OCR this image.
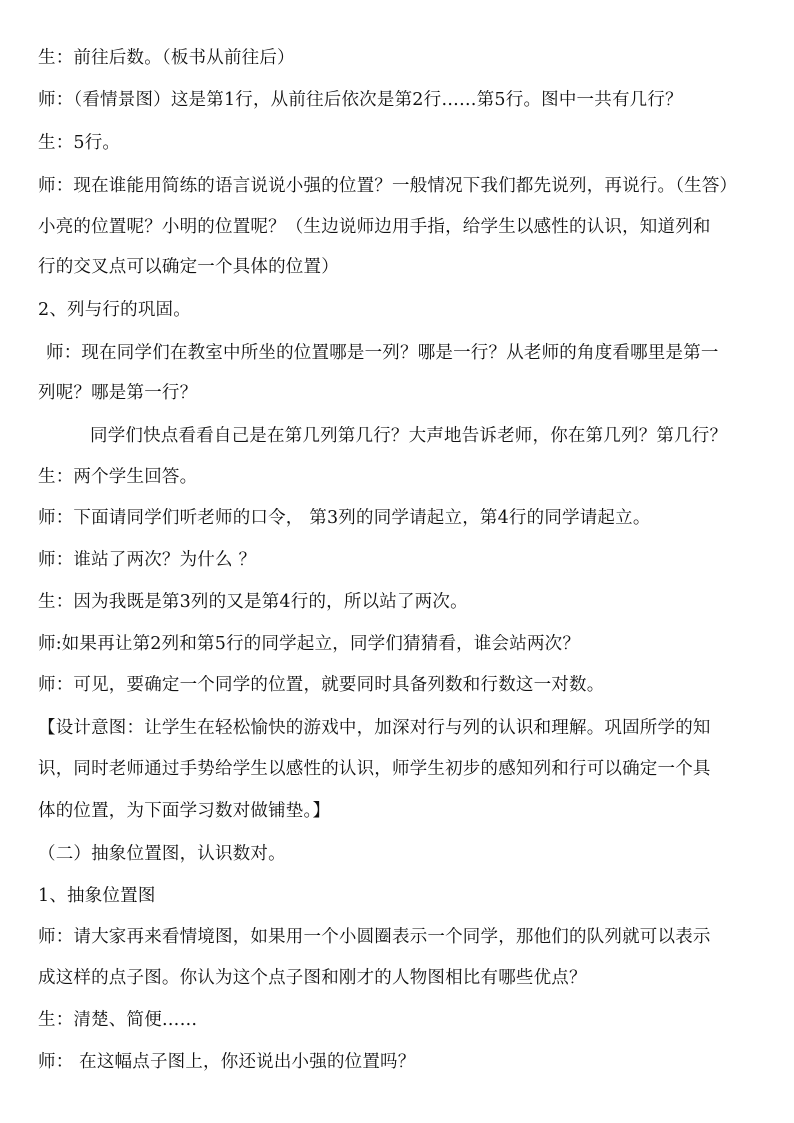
生：前往后数。（板书从前往后）
师：（看情景图）这是第1行，从前往后依次是第2行……第5行。图中一共有几行？
生：5行。
师：现在谁能用简练的语言说说小强的位置？一般情况下我们都先说列，再说行。（生答）
小亮的位置呢？小明的位置呢？（生边说师边用手指，给学生以感性的认识，知道列和
行的交叉点可以确定一个具体的位置）
2、列与行的巩固。
师：现在同学们在教室中所坐的位置哪是一列？哪是一行？从老师的角度看哪里是第一
列呢？哪是第一行？
同学们快点看看自己是在第几列第几行？大声地告诉老师，你在第几列？第几行？
生：两个学生回答。
师：下面请同学们听老师的口令， 第3列的同学请起立，第4行的同学请起立。
师：谁站了两次？为什么 ？
生：因为我既是第3列的又是第4行的，所以站了两次。
师:如果再让第2列和第5行的同学起立，同学们猜猜看，谁会站两次？
师：可见，要确定一个同学的位置，就要同时具备列数和行数这一对数。
【设计意图：让学生在轻松愉快的游戏中，加深对行与列的认识和理解。巩固所学的知
识，同时老师通过手势给学生以感性的认识，师学生初步的感知列和行可以确定一个具
体的位置，为下面学习数对做铺垫。】
（二）抽象位置图，认识数对。
1、抽象位置图
师：请大家再来看情境图，如果用一个小圆圈表示一个同学，那他们的队列就可以表示
成这样的点子图。你认为这个点子图和刚才的人物图相比有哪些优点？
生：清楚、简便……
师： 在这幅点子图上，你还说出小强的位置吗？
